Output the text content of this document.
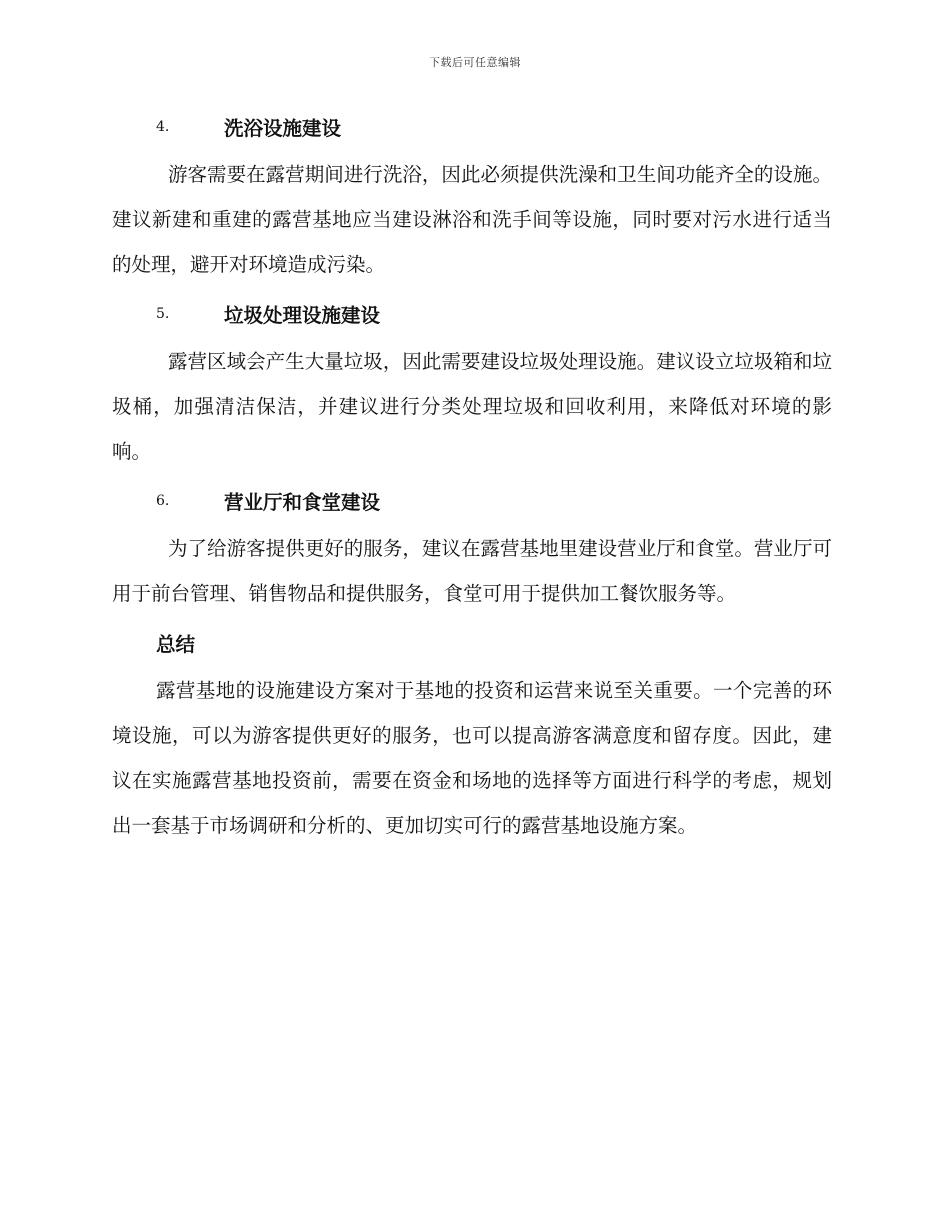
下载后可任意编辑
4.	洗浴设施建设

游客需要在露营期间进行洗浴，因此必须提供洗澡和卫生间功能齐全的设施。建议新建和重建的露营基地应当建设淋浴和洗手间等设施，同时要对污水进行适当的处理，避开对环境造成污染。

5.	垃圾处理设施建设

露营区域会产生大量垃圾，因此需要建设垃圾处理设施。建议设立垃圾箱和垃圾桶，加强清洁保洁，并建议进行分类处理垃圾和回收利用，来降低对环境的影响。

6.	营业厅和食堂建设

为了给游客提供更好的服务，建议在露营基地里建设营业厅和食堂。营业厅可用于前台管理、销售物品和提供服务，食堂可用于提供加工餐饮服务等。

总结

露营基地的设施建设方案对于基地的投资和运营来说至关重要。一个完善的环境设施，可以为游客提供更好的服务，也可以提高游客满意度和留存度。因此，建议在实施露营基地投资前，需要在资金和场地的选择等方面进行科学的考虑，规划出一套基于市场调研和分析的、更加切实可行的露营基地设施方案。
